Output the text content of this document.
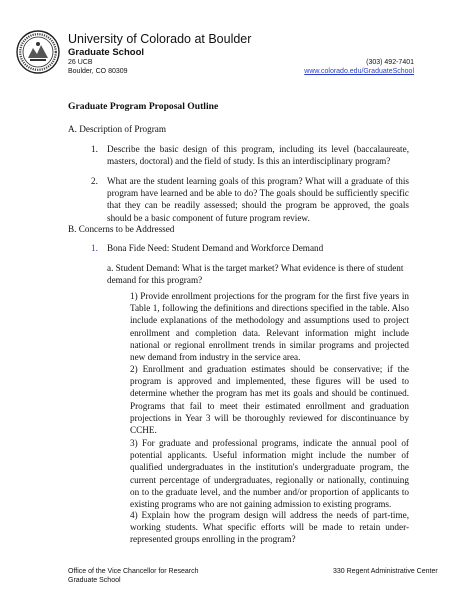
University of Colorado at Boulder
Graduate School
26 UCB
Boulder, CO 80309
(303) 492-7401
www.colorado.edu/GraduateSchool
Graduate Program Proposal Outline
A. Description of Program
1. Describe the basic design of this program, including its level (baccalaureate, masters, doctoral) and the field of study. Is this an interdisciplinary program?
2. What are the student learning goals of this program? What will a graduate of this program have learned and be able to do? The goals should be sufficiently specific that they can be readily assessed; should the program be approved, the goals should be a basic component of future program review.
B. Concerns to be Addressed
1. Bona Fide Need: Student Demand and Workforce Demand
a. Student Demand: What is the target market? What evidence is there of student demand for this program?
1) Provide enrollment projections for the program for the first five years in Table 1, following the definitions and directions specified in the table. Also include explanations of the methodology and assumptions used to project enrollment and completion data. Relevant information might include national or regional enrollment trends in similar programs and projected new demand from industry in the service area.
2) Enrollment and graduation estimates should be conservative; if the program is approved and implemented, these figures will be used to determine whether the program has met its goals and should be continued. Programs that fail to meet their estimated enrollment and graduation projections in Year 3 will be thoroughly reviewed for discontinuance by CCHE.
3) For graduate and professional programs, indicate the annual pool of potential applicants. Useful information might include the number of qualified undergraduates in the institution's undergraduate program, the current percentage of undergraduates, regionally or nationally, continuing on to the graduate level, and the number and/or proportion of applicants to existing programs who are not gaining admission to existing programs.
4) Explain how the program design will address the needs of part-time, working students. What specific efforts will be made to retain under-represented groups enrolling in the program?
Office of the Vice Chancellor for Research
Graduate School
330 Regent Administrative Center
